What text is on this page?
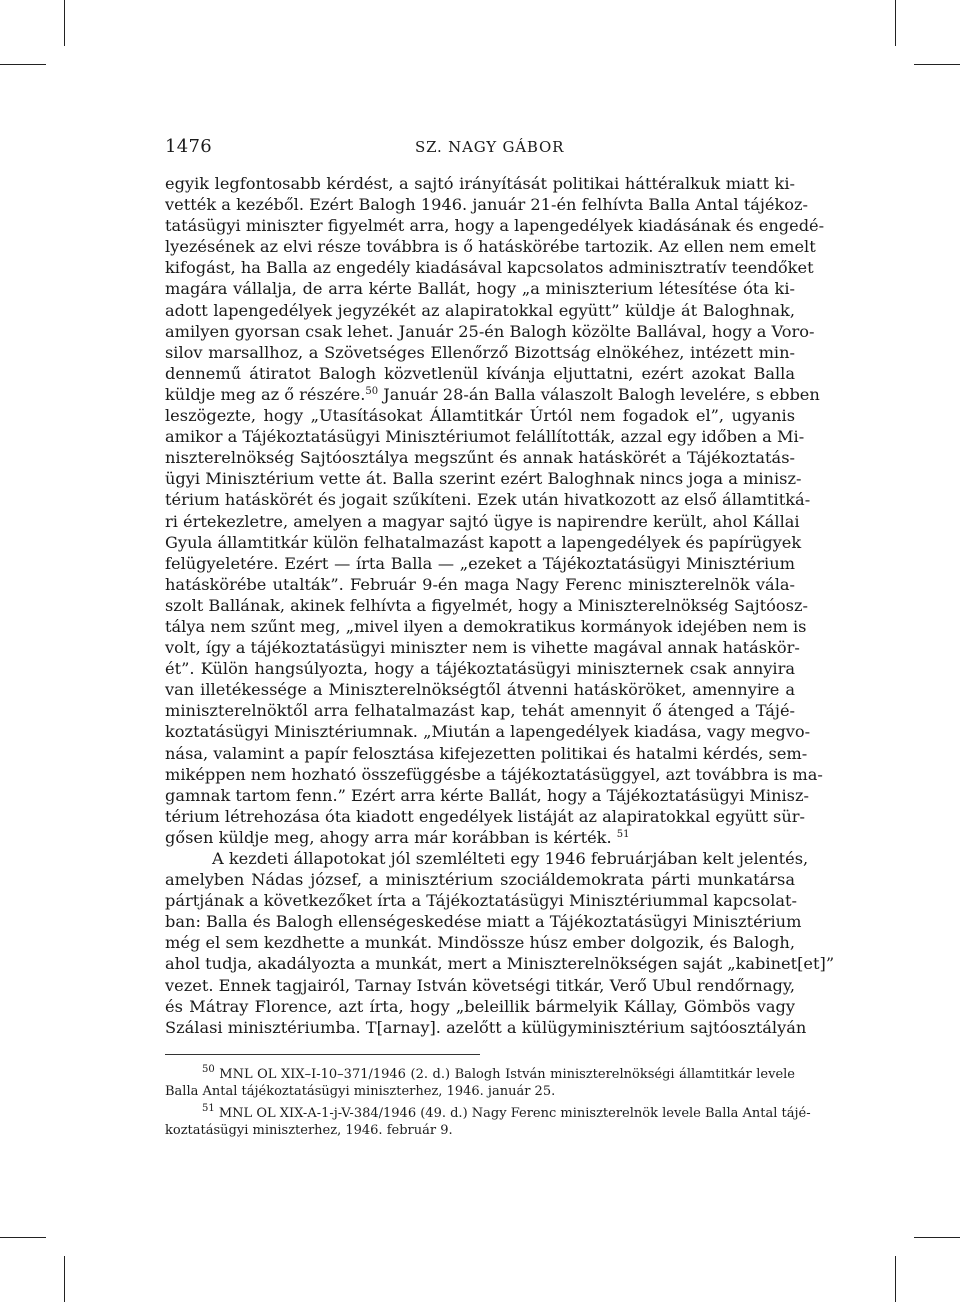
1476	SZ. NAGY GÁBOR
egyik legfontosabb kérdést, a sajtó irányítását politikai háttéralkuk miatt ki-
vették a kezéből. Ezért Balogh 1946. január 21-én felhívta Balla Antal tájékoz-
tatásügyi miniszter figyelmét arra, hogy a lapengedélyek kiadásának és engedé-
lyezésének az elvi része továbbra is ő hatáskörébe tartozik. Az ellen nem emelt
kifogást, ha Balla az engedély kiadásával kapcsolatos adminisztratív teendőket
magára vállalja, de arra kérte Ballát, hogy „a miniszterium létesítése óta ki-
adott lapengedélyek jegyzékét az alapiratokkal együtt” küldje át Baloghnak,
amilyen gyorsan csak lehet. Január 25-én Balogh közölte Ballával, hogy a Voro-
silov marsallhoz, a Szövetséges Ellenőrző Bizottság elnökéhez, intézett min-
dennemű átiratot Balogh közvetlenül kívánja eljuttatni, ezért azokat Balla
küldje meg az ő részére.$^{50}$ Január 28-án Balla válaszolt Balogh levelére, s ebben
leszögezte, hogy „Utasításokat Államtitkár Úrtól nem fogadok el”, ugyanis
amikor a Tájékoztatásügyi Minisztériumot felállították, azzal egy időben a Mi-
niszterelnökség Sajtóosztálya megszűnt és annak hatáskörét a Tájékoztatás-
ügyi Minisztérium vette át. Balla szerint ezért Baloghnak nincs joga a minisz-
térium hatáskörét és jogait szűkíteni. Ezek után hivatkozott az első államtitká-
ri értekezletre, amelyen a magyar sajtó ügye is napirendre került, ahol Kállai
Gyula államtitkár külön felhatalmazást kapott a lapengedélyek és papírügyek
felügyeletére. Ezért — írta Balla — „ezeket a Tájékoztatásügyi Minisztérium
hatáskörébe utalták”. Február 9-én maga Nagy Ferenc miniszterelnök vála-
szolt Ballának, akinek felhívta a figyelmét, hogy a Miniszterelnökség Sajtóosz-
tálya nem szűnt meg, „mivel ilyen a demokratikus kormányok idejében nem is
volt, így a tájékoztatásügyi miniszter nem is vihette magával annak hatáskör-
ét”. Külön hangsúlyozta, hogy a tájékoztatásügyi miniszternek csak annyira
van illetékessége a Miniszterelnökségtől átvenni hatásköröket, amennyire a
miniszterelnöktől arra felhatalmazást kap, tehát amennyit ő átenged a Tájé-
koztatásügyi Minisztériumnak. „Miután a lapengedélyek kiadása, vagy megvo-
nása, valamint a papír felosztása kifejezetten politikai és hatalmi kérdés, sem-
miképpen nem hozható összefüggésbe a tájékoztatásüggyel, azt továbbra is ma-
gamnak tartom fenn.” Ezért arra kérte Ballát, hogy a Tájékoztatásügyi Minisz-
térium létrehozása óta kiadott engedélyek listáját az alapiratokkal együtt sür-
gősen küldje meg, ahogy arra már korábban is kérték. $^{51}$
A kezdeti állapotokat jól szemlélteti egy 1946 februárjában kelt jelentés,
amelyben Nádas józsef, a minisztérium szociáldemokrata párti munkatársa
pártjának a következőket írta a Tájékoztatásügyi Minisztériummal kapcsolat-
ban: Balla és Balogh ellenségeskedése miatt a Tájékoztatásügyi Minisztérium
még el sem kezdhette a munkát. Mindössze húsz ember dolgozik, és Balogh,
ahol tudja, akadályozta a munkát, mert a Miniszterelnökségen saját „kabinet[et]”
vezet. Ennek tagjairól, Tarnay István követségi titkár, Verő Ubul rendőrnagy,
és Mátray Florence, azt írta, hogy „beleillik bármelyik Kállay, Gömbös vagy
Szálasi minisztériumba. T[arnay]. azelőtt a külügyminisztérium sajtóosztályán
$^{50}$ MNL OL XIX–I-10–371/1946 (2. d.) Balogh István miniszterelnökségi államtitkár levele
Balla Antal tájékoztatásügyi miniszterhez, 1946. január 25.
$^{51}$ MNL OL XIX-A-1-j-V-384/1946 (49. d.) Nagy Ferenc miniszterelnök levele Balla Antal tájé-
koztatásügyi miniszterhez, 1946. február 9.
